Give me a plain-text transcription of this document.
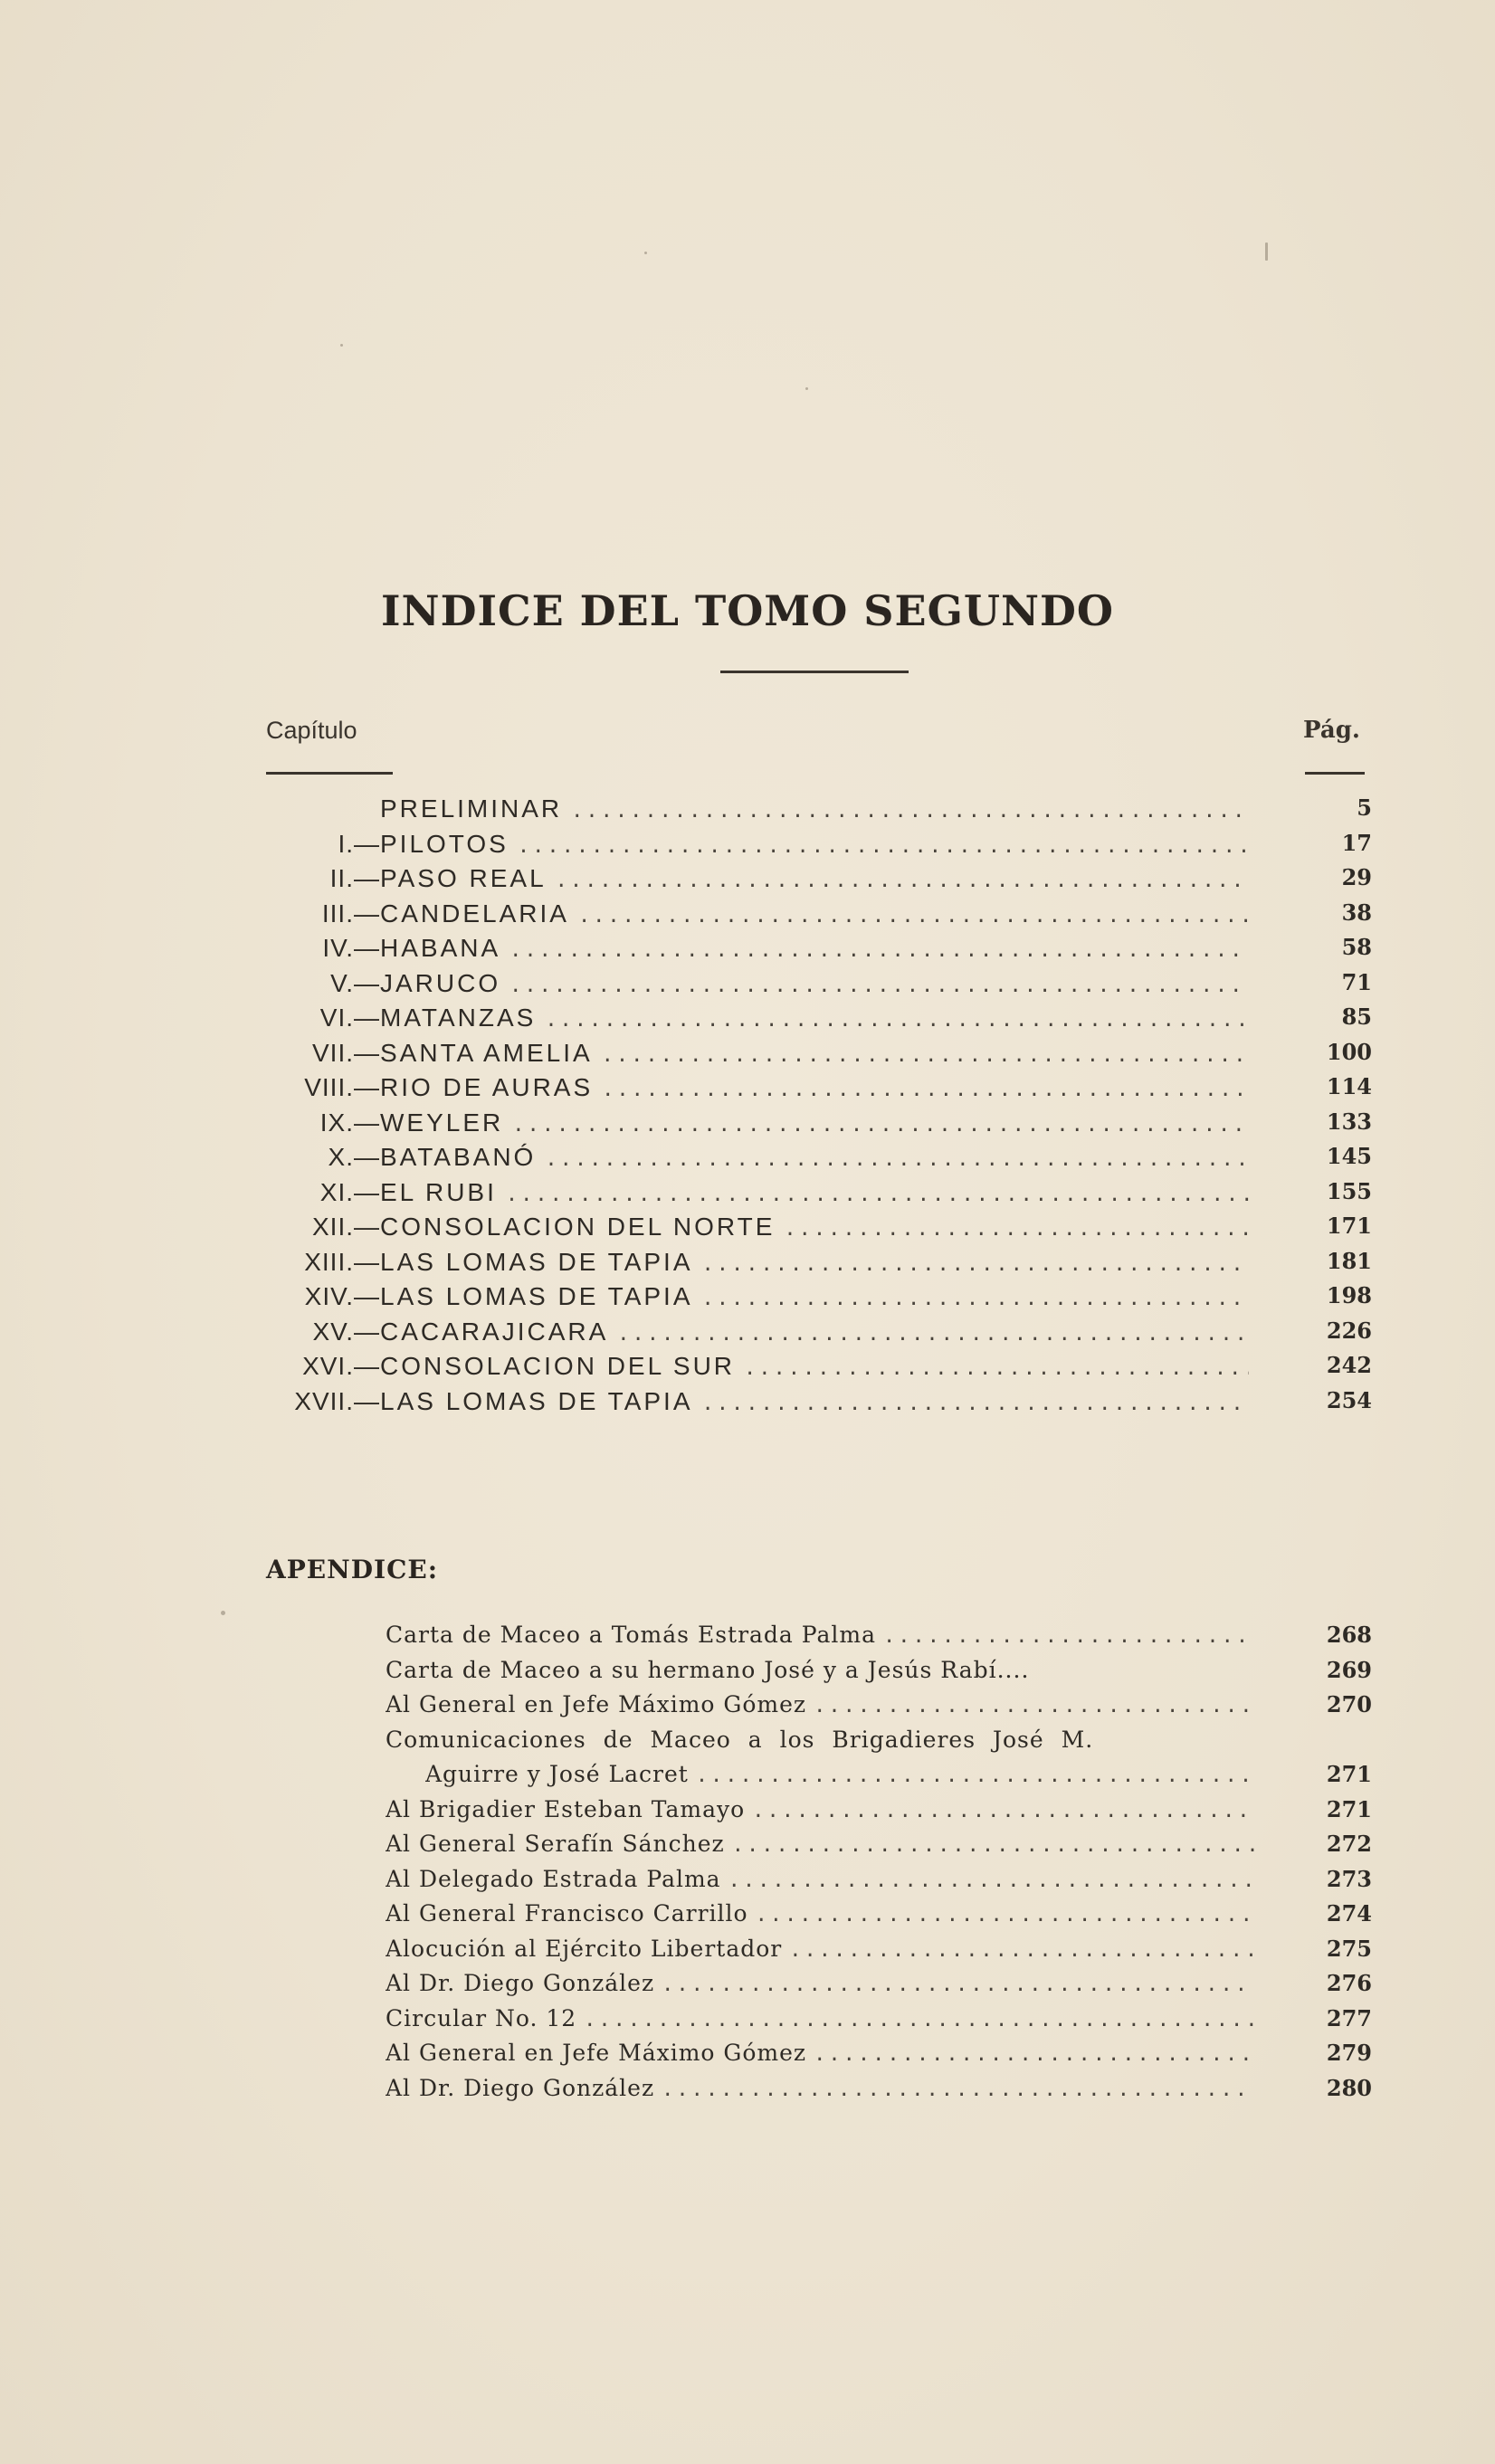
INDICE DEL TOMO SEGUNDO
Capítulo	Pág.
PRELIMINAR .....	5
I.— PILOTOS .....	17
II.— PASO REAL .....	29
III.— CANDELARIA .....	38
IV.— HABANA .....	58
V.— JARUCO .....	71
VI.— MATANZAS .....	85
VII.— SANTA AMELIA .....	100
VIII.— RIO DE AURAS .....	114
IX.— WEYLER .....	133
X.— BATABANÓ .....	145
XI.— EL RUBI .....	155
XII.— CONSOLACION DEL NORTE .....	171
XIII.— LAS LOMAS DE TAPIA .....	181
XIV.— LAS LOMAS DE TAPIA .....	198
XV.— CACARAJICARA .....	226
XVI.— CONSOLACION DEL SUR .....	242
XVII.— LAS LOMAS DE TAPIA .....	254
APENDICE:
Carta de Maceo a Tomás Estrada Palma .....	268
Carta de Maceo a su hermano José y a Jesús Rabí....	269
Al General en Jefe Máximo Gómez .....	270
Comunicaciones de Maceo a los Brigadieres José M.
Aguirre y José Lacret .....	271
Al Brigadier Esteban Tamayo .....	271
Al General Serafín Sánchez .....	272
Al Delegado Estrada Palma .....	273
Al General Francisco Carrillo .....	274
Alocución al Ejército Libertador .....	275
Al Dr. Diego González .....	276
Circular No. 12 .....	277
Al General en Jefe Máximo Gómez .....	279
Al Dr. Diego González .....	280
